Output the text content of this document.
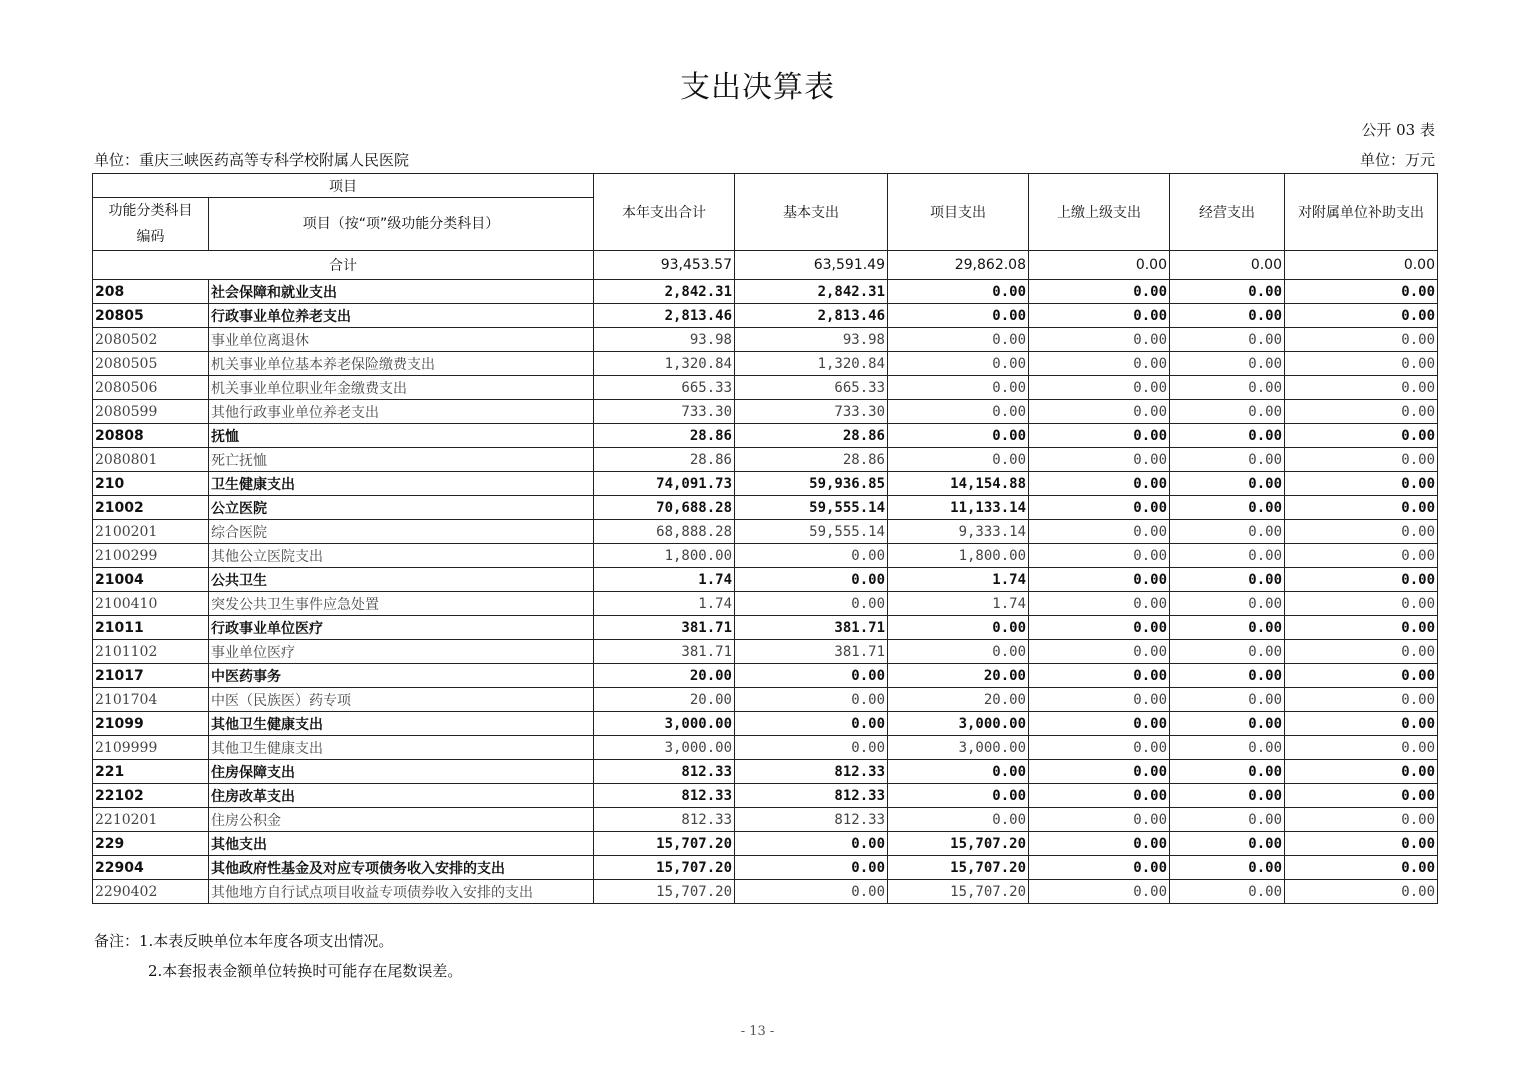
支出决算表
公开 03 表
单位：重庆三峡医药高等专科学校附属人民医院	单位：万元
项目		本年支出合计	基本支出	项目支出	上缴上级支出	经营支出	对附属单位补助支出

功能分类科目
编码	项目（按“项”级功能分类科目）						
合计		93,453.57	63,591.49	29,862.08	0.00	0.00	0.00
208	社会保障和就业支出	2,842.31	2,842.31	0.00	0.00	0.00	0.00
20805	行政事业单位养老支出	2,813.46	2,813.46	0.00	0.00	0.00	0.00
2080502	事业单位离退休	93.98	93.98	0.00	0.00	0.00	0.00
2080505	机关事业单位基本养老保险缴费支出	1,320.84	1,320.84	0.00	0.00	0.00	0.00
2080506	机关事业单位职业年金缴费支出	665.33	665.33	0.00	0.00	0.00	0.00
2080599	其他行政事业单位养老支出	733.30	733.30	0.00	0.00	0.00	0.00
20808	抚恤	28.86	28.86	0.00	0.00	0.00	0.00
2080801	死亡抚恤	28.86	28.86	0.00	0.00	0.00	0.00
210	卫生健康支出	74,091.73	59,936.85	14,154.88	0.00	0.00	0.00
21002	公立医院	70,688.28	59,555.14	11,133.14	0.00	0.00	0.00
2100201	综合医院	68,888.28	59,555.14	9,333.14	0.00	0.00	0.00
2100299	其他公立医院支出	1,800.00	0.00	1,800.00	0.00	0.00	0.00
21004	公共卫生	1.74	0.00	1.74	0.00	0.00	0.00
2100410	突发公共卫生事件应急处置	1.74	0.00	1.74	0.00	0.00	0.00
21011	行政事业单位医疗	381.71	381.71	0.00	0.00	0.00	0.00
2101102	事业单位医疗	381.71	381.71	0.00	0.00	0.00	0.00
21017	中医药事务	20.00	0.00	20.00	0.00	0.00	0.00
2101704	中医（民族医）药专项	20.00	0.00	20.00	0.00	0.00	0.00
21099	其他卫生健康支出	3,000.00	0.00	3,000.00	0.00	0.00	0.00
2109999	其他卫生健康支出	3,000.00	0.00	3,000.00	0.00	0.00	0.00
221	住房保障支出	812.33	812.33	0.00	0.00	0.00	0.00
22102	住房改革支出	812.33	812.33	0.00	0.00	0.00	0.00
2210201	住房公积金	812.33	812.33	0.00	0.00	0.00	0.00
229	其他支出	15,707.20	0.00	15,707.20	0.00	0.00	0.00
22904	其他政府性基金及对应专项债务收入安排的支出	15,707.20	0.00	15,707.20	0.00	0.00	0.00
2290402	其他地方自行试点项目收益专项债券收入安排的支出	15,707.20	0.00	15,707.20	0.00	0.00	0.00
备注：1.本表反映单位本年度各项支出情况。
2.本套报表金额单位转换时可能存在尾数误差。
- 13 -
